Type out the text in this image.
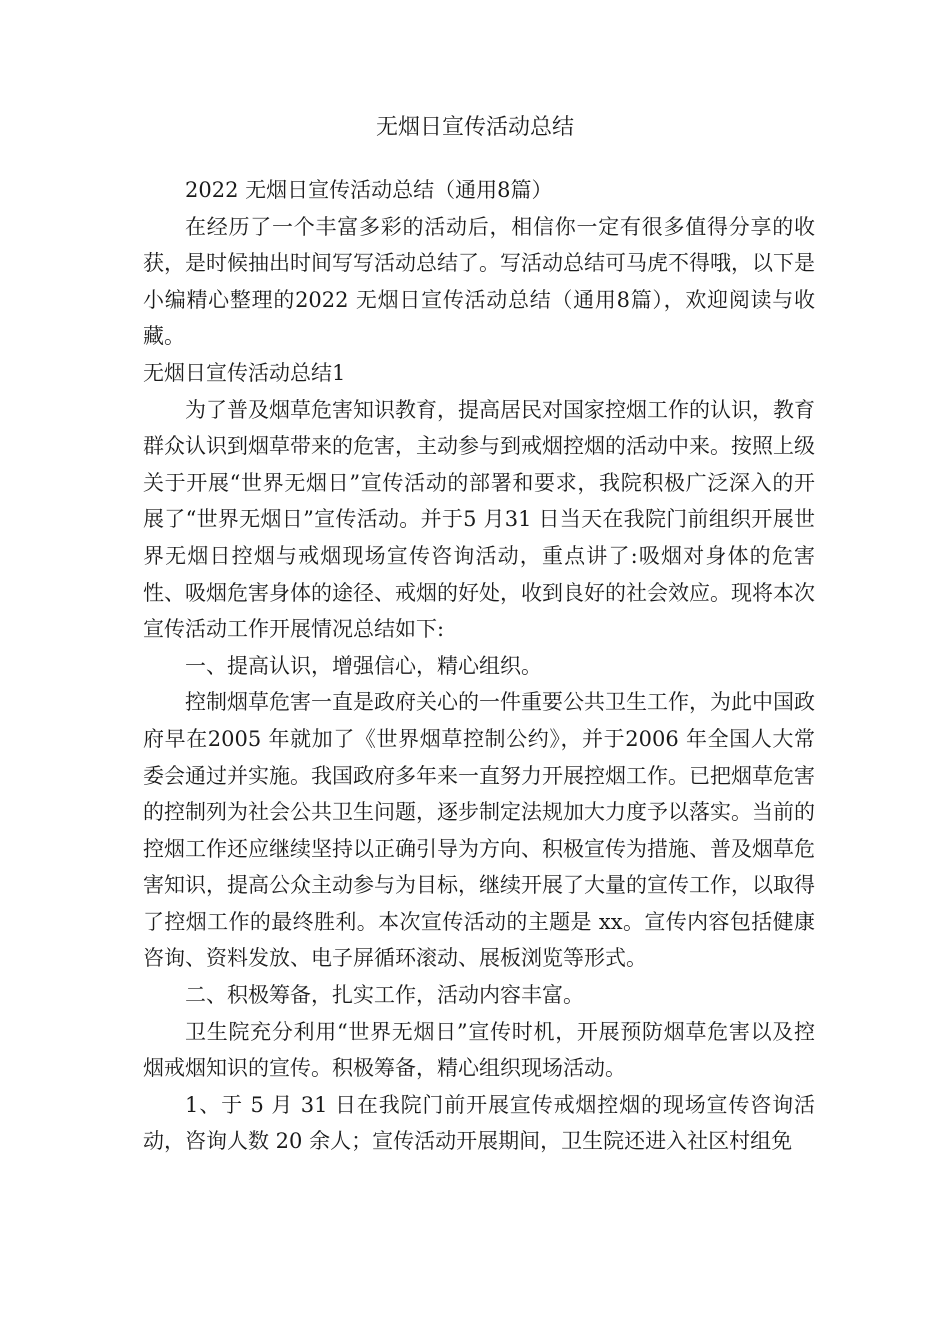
无烟日宣传活动总结

2022 无烟日宣传活动总结（通用8篇）

在经历了一个丰富多彩的活动后，相信你一定有很多值得分享的收获，是时候抽出时间写写活动总结了。写活动总结可马虎不得哦，以下是小编精心整理的2022 无烟日宣传活动总结（通用8篇），欢迎阅读与收藏。

无烟日宣传活动总结1

为了普及烟草危害知识教育，提高居民对国家控烟工作的认识，教育群众认识到烟草带来的危害，主动参与到戒烟控烟的活动中来。按照上级关于开展“世界无烟日”宣传活动的部署和要求，我院积极广泛深入的开展了“世界无烟日”宣传活动。并于5 月31 日当天在我院门前组织开展世界无烟日控烟与戒烟现场宣传咨询活动，重点讲了:吸烟对身体的危害性、吸烟危害身体的途径、戒烟的好处，收到良好的社会效应。现将本次宣传活动工作开展情况总结如下:

一、提高认识，增强信心，精心组织。

控制烟草危害一直是政府关心的一件重要公共卫生工作，为此中国政府早在2005 年就加了《世界烟草控制公约》，并于2006 年全国人大常委会通过并实施。我国政府多年来一直努力开展控烟工作。已把烟草危害的控制列为社会公共卫生问题，逐步制定法规加大力度予以落实。当前的控烟工作还应继续坚持以正确引导为方向、积极宣传为措施、普及烟草危害知识，提高公众主动参与为目标，继续开展了大量的宣传工作，以取得了控烟工作的最终胜利。本次宣传活动的主题是 xx。宣传内容包括健康咨询、资料发放、电子屏循环滚动、展板浏览等形式。

二、积极筹备，扎实工作，活动内容丰富。

卫生院充分利用“世界无烟日”宣传时机，开展预防烟草危害以及控烟戒烟知识的宣传。积极筹备，精心组织现场活动。

1、于 5 月 31 日在我院门前开展宣传戒烟控烟的现场宣传咨询活动，咨询人数 20 余人；宣传活动开展期间，卫生院还进入社区村组免
